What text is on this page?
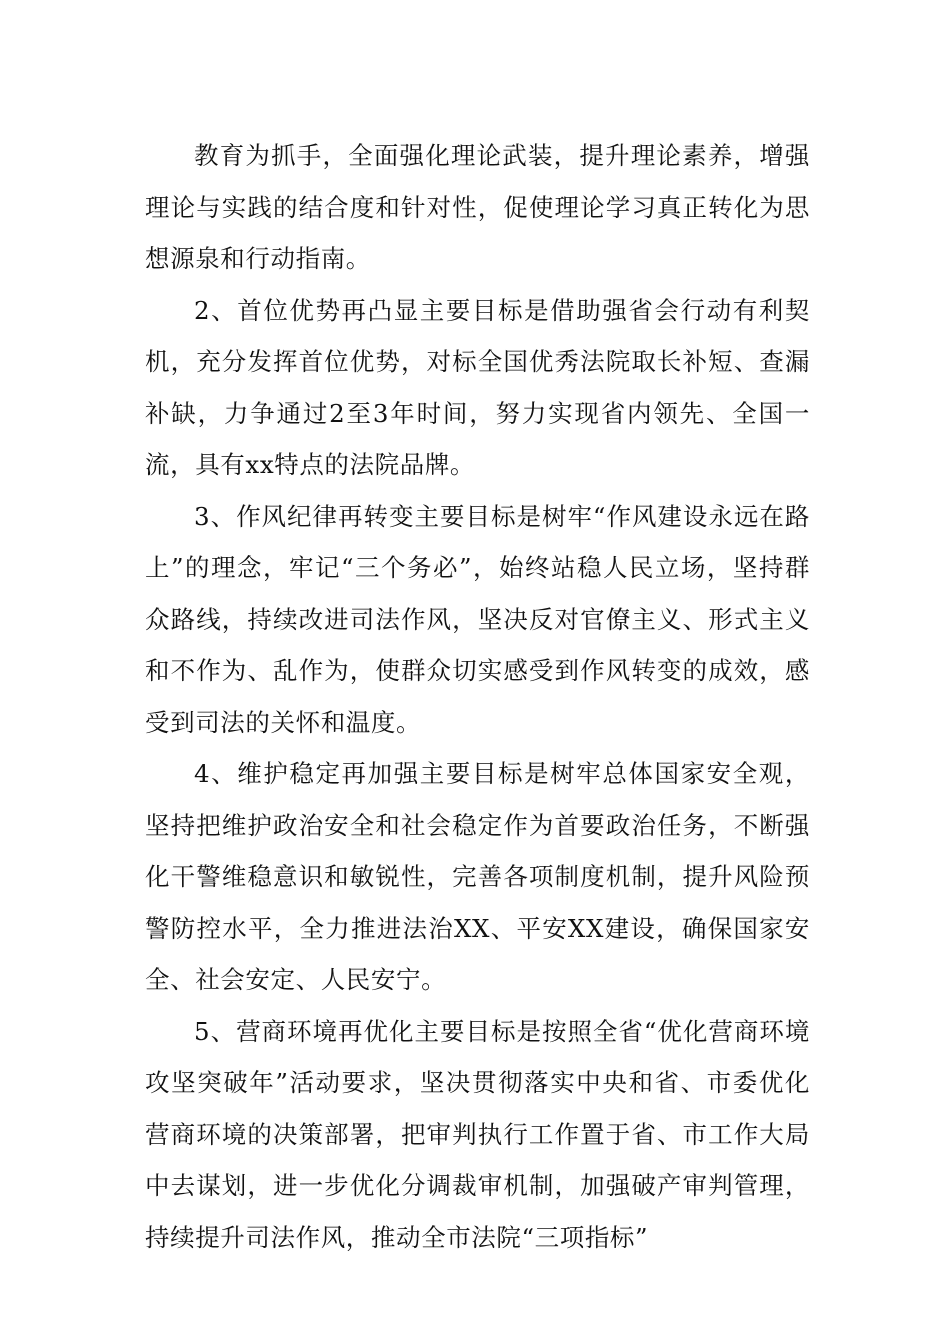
教育为抓手，全面强化理论武装，提升理论素养，增强理论与实践的结合度和针对性，促使理论学习真正转化为思想源泉和行动指南。

2、首位优势再凸显主要目标是借助强省会行动有利契机，充分发挥首位优势，对标全国优秀法院取长补短、查漏补缺，力争通过2至3年时间，努力实现省内领先、全国一流，具有xx特点的法院品牌。

3、作风纪律再转变主要目标是树牢“作风建设永远在路上”的理念，牢记“三个务必”，始终站稳人民立场，坚持群众路线，持续改进司法作风，坚决反对官僚主义、形式主义和不作为、乱作为，使群众切实感受到作风转变的成效，感受到司法的关怀和温度。

4、维护稳定再加强主要目标是树牢总体国家安全观，坚持把维护政治安全和社会稳定作为首要政治任务，不断强化干警维稳意识和敏锐性，完善各项制度机制，提升风险预警防控水平，全力推进法治XX、平安XX建设，确保国家安全、社会安定、人民安宁。

5、营商环境再优化主要目标是按照全省“优化营商环境攻坚突破年”活动要求，坚决贯彻落实中央和省、市委优化营商环境的决策部署，把审判执行工作置于省、市工作大局中去谋划，进一步优化分调裁审机制，加强破产审判管理，持续提升司法作风，推动全市法院“三项指标”
